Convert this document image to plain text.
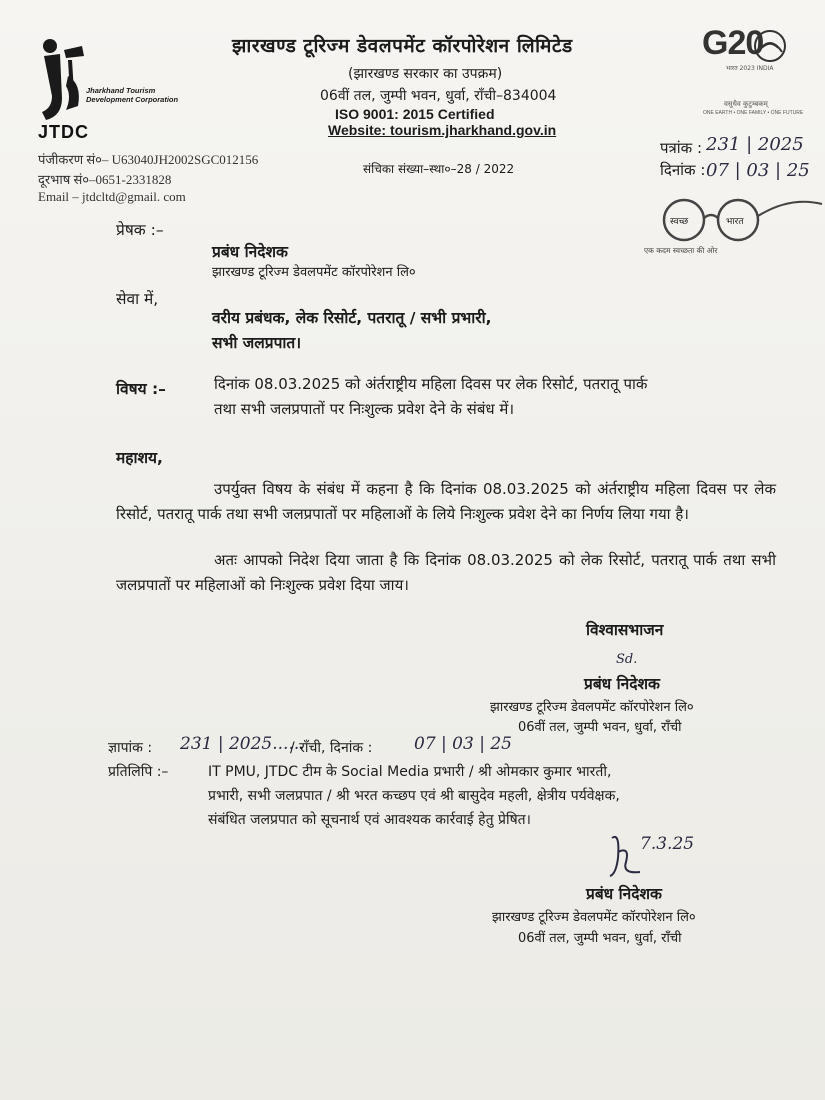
Jharkhand Tourism Development Corporation
JTDC
झारखण्ड टूरिज्म डेवलपमेंट कॉरपोरेशन लिमिटेड
(झारखण्ड सरकार का उपक्रम)
06वीं तल, जुम्पी भवन, धुर्वा, राँची–834004
ISO 9001: 2015 Certified
Website: tourism.jharkhand.gov.in
G20
भारत 2023 INDIA
वसुधैव कुटुम्बकम्
ONE EARTH • ONE FAMILY • ONE FUTURE
पंजीकरण सं०– U63040JH2002SGC012156
दूरभाष सं०–0651-2331828
Email – jtdcltd@gmail. com
संचिका संख्या–स्था०–28 / 2022
पत्रांक : 231 | 2025
दिनांक : 07 | 03 | 25
स्वच्छ	भारत
एक कदम स्वच्छता की ओर
प्रेषक :–
प्रबंध निदेशक
झारखण्ड टूरिज्म डेवलपमेंट कॉरपोरेशन लि०
सेवा में,
वरीय प्रबंधक, लेक रिसोर्ट, पतरातू / सभी प्रभारी,
सभी जलप्रपात।
विषय :–	दिनांक 08.03.2025 को अंर्तराष्ट्रीय महिला दिवस पर लेक रिसोर्ट, पतरातू पार्क
तथा सभी जलप्रपातों पर निःशुल्क प्रवेश देने के संबंध में।
महाशय,
उपर्युक्त विषय के संबंध में कहना है कि दिनांक 08.03.2025 को अंर्तराष्ट्रीय महिला दिवस पर लेक रिसोर्ट, पतरातू पार्क तथा सभी जलप्रपातों पर महिलाओं के लिये निःशुल्क प्रवेश देने का निर्णय लिया गया है।
अतः आपको निदेश दिया जाता है कि दिनांक 08.03.2025 को लेक रिसोर्ट, पतरातू पार्क तथा सभी जलप्रपातों पर महिलाओं को निःशुल्क प्रवेश दिया जाय।
विश्वासभाजन
Sd.
प्रबंध निदेशक
झारखण्ड टूरिज्म डेवलपमेंट कॉरपोरेशन लि०
06वीं तल, जुम्पी भवन, धुर्वा, राँची
ज्ञापांक : 231 | 2025......
/ राँची, दिनांक : 07 | 03 | 25
प्रतिलिपि :–	IT PMU, JTDC टीम के Social Media प्रभारी / श्री ओमकार कुमार भारती,
प्रभारी, सभी जलप्रपात / श्री भरत कच्छप एवं श्री बासुदेव महली, क्षेत्रीय पर्यवेक्षक,
संबंधित जलप्रपात को सूचनार्थ एवं आवश्यक कार्रवाई हेतु प्रेषित।
7.3.25
प्रबंध निदेशक
झारखण्ड टूरिज्म डेवलपमेंट कॉरपोरेशन लि०
06वीं तल, जुम्पी भवन, धुर्वा, राँची
